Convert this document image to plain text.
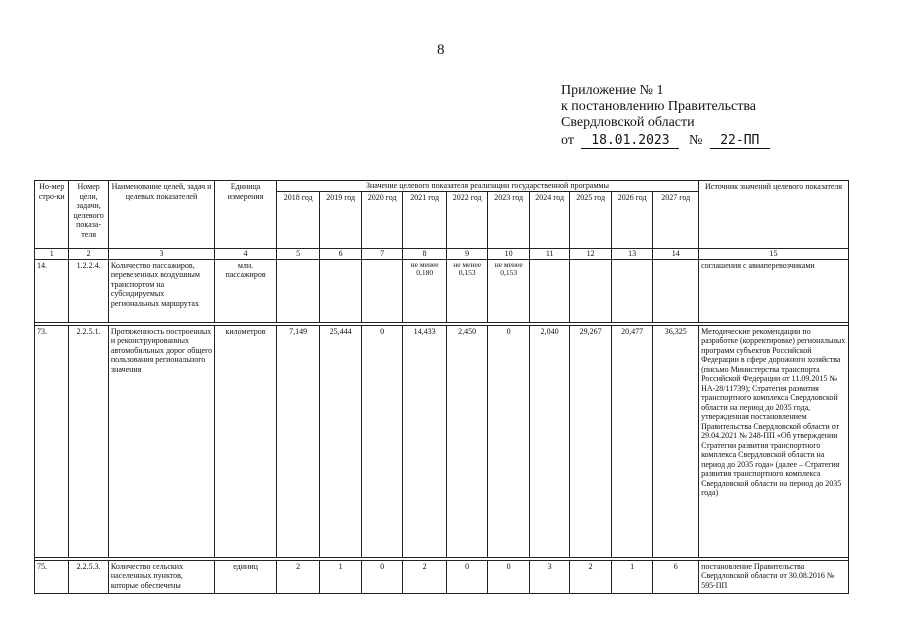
8
Приложение № 1
к постановлению Правительства
Свердловской области
от 18.01.2023 № 22-ПП
Но-мер стро-ки	Номер цели, задачи, целевого показа-теля	Наименование целей, задач и целевых показателей	Единица измерения	Значение целевого показателя реализации государственной программы										Источник значений целевого показателя
				2018 год	2019 год	2020 год	2021 год	2022 год	2023 год	2024 год	2025 год	2026 год	2027 год	
1	2	3	4	5	6	7	8	9	10	11	12	13	14	15
14.	1.2.2.4.	Количество пассажиров, перевезенных воздушным транспортом на субсидируемых региональных маршрутах	млн. пассажиров				не менее 0,180	не менее 0,153	не менее 0,153					соглашения с авиаперевозчиками

73.	2.2.5.1.	Протяженность построенных и реконструированных автомобильных дорог общего пользования регионального значения	километров	7,149	25,444	0	14,433	2,450	0	2,040	29,267	20,477	36,325	Методические рекомендации по разработке (корректировке) региональных программ субъектов Российской Федерации в сфере дорожного хозяйства (письмо Министерства транспорта Российской Федерации от 11.09.2015 № НА-28/11739); Стратегия развития транспортного комплекса Свердловской области на период до 2035 года, утвержденная постановлением Правительства Свердловской области от 29.04.2021 № 248-ПП «Об утверждении Стратегии развития транспортного комплекса Свердловской области на период до 2035 года» (далее – Стратегия развития транспортного комплекса Свердловской области на период до 2035 года)

75.	2.2.5.3.	Количество сельских населенных пунктов, которые обеспечены	единиц	2	1	0	2	0	0	3	2	1	6	постановление Правительства Свердловской области от 30.08.2016 № 595-ПП
